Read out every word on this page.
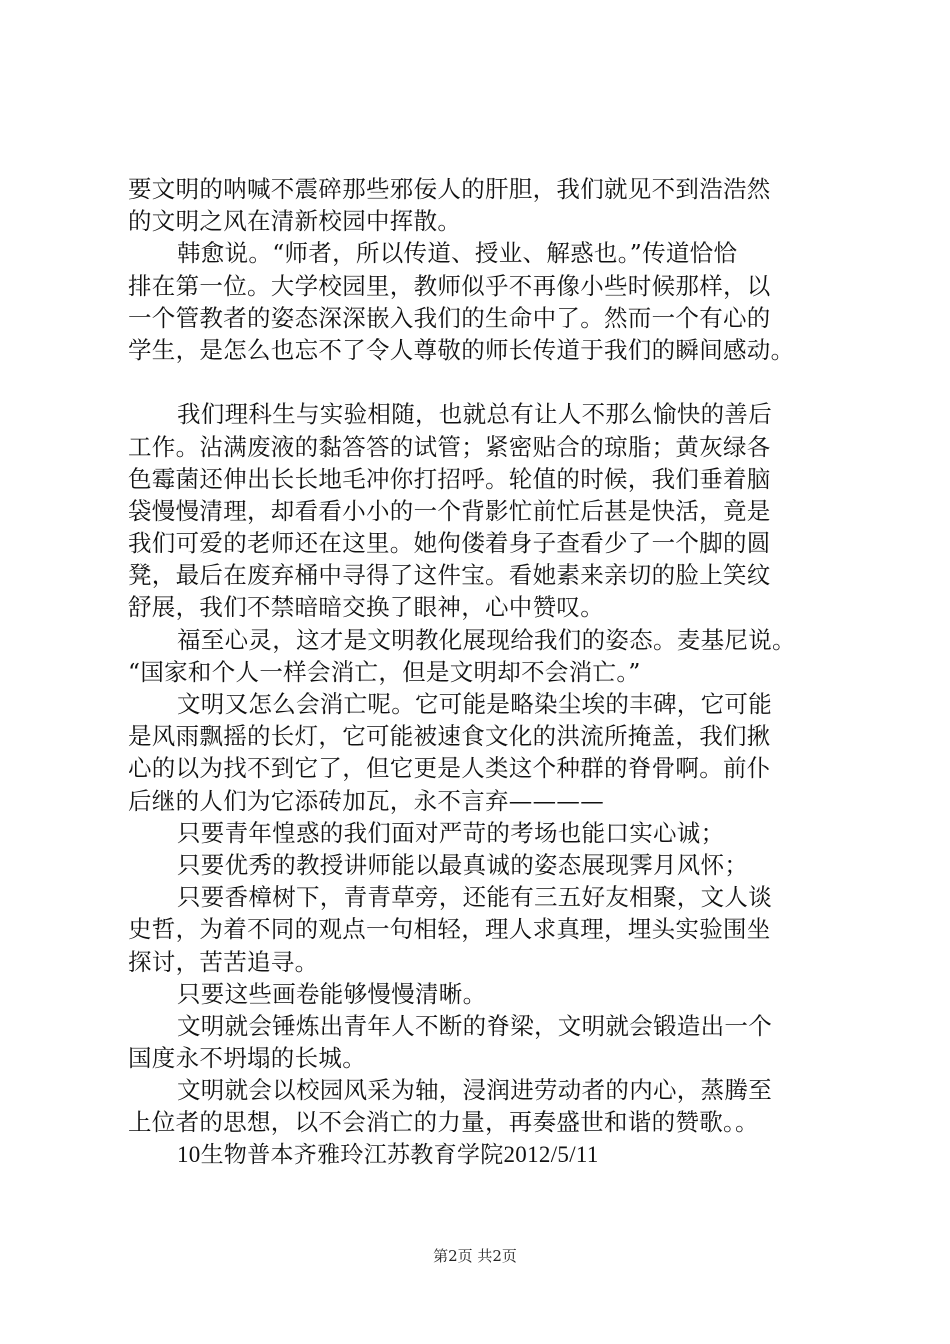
要文明的呐喊不震碎那些邪佞人的肝胆，我们就见不到浩浩然
的文明之风在清新校园中挥散。
韩愈说。“师者，所以传道、授业、解惑也。”传道恰恰
排在第一位。大学校园里，教师似乎不再像小些时候那样，以
一个管教者的姿态深深嵌入我们的生命中了。然而一个有心的
学生，是怎么也忘不了令人尊敬的师长传道于我们的瞬间感动。
我们理科生与实验相随，也就总有让人不那么愉快的善后
工作。沾满废液的黏答答的试管；紧密贴合的琼脂；黄灰绿各
色霉菌还伸出长长地毛冲你打招呼。轮值的时候，我们垂着脑
袋慢慢清理，却看看小小的一个背影忙前忙后甚是快活，竟是
我们可爱的老师还在这里。她佝偻着身子查看少了一个脚的圆
凳，最后在废弃桶中寻得了这件宝。看她素来亲切的脸上笑纹
舒展，我们不禁暗暗交换了眼神，心中赞叹。
福至心灵，这才是文明教化展现给我们的姿态。麦基尼说。
“国家和个人一样会消亡，但是文明却不会消亡。”
文明又怎么会消亡呢。它可能是略染尘埃的丰碑，它可能
是风雨飘摇的长灯，它可能被速食文化的洪流所掩盖，我们揪
心的以为找不到它了，但它更是人类这个种群的脊骨啊。前仆
后继的人们为它添砖加瓦，永不言弃————
只要青年惶惑的我们面对严苛的考场也能口实心诚；
只要优秀的教授讲师能以最真诚的姿态展现霁月风怀；
只要香樟树下，青青草旁，还能有三五好友相聚，文人谈
史哲，为着不同的观点一句相轻，理人求真理，埋头实验围坐
探讨，苦苦追寻。
只要这些画卷能够慢慢清晰。
文明就会锤炼出青年人不断的脊梁，文明就会锻造出一个
国度永不坍塌的长城。
文明就会以校园风采为轴，浸润进劳动者的内心，蒸腾至
上位者的思想，以不会消亡的力量，再奏盛世和谐的赞歌。。
10生物普本齐雅玲江苏教育学院2012/5/11
第2页 共2页
